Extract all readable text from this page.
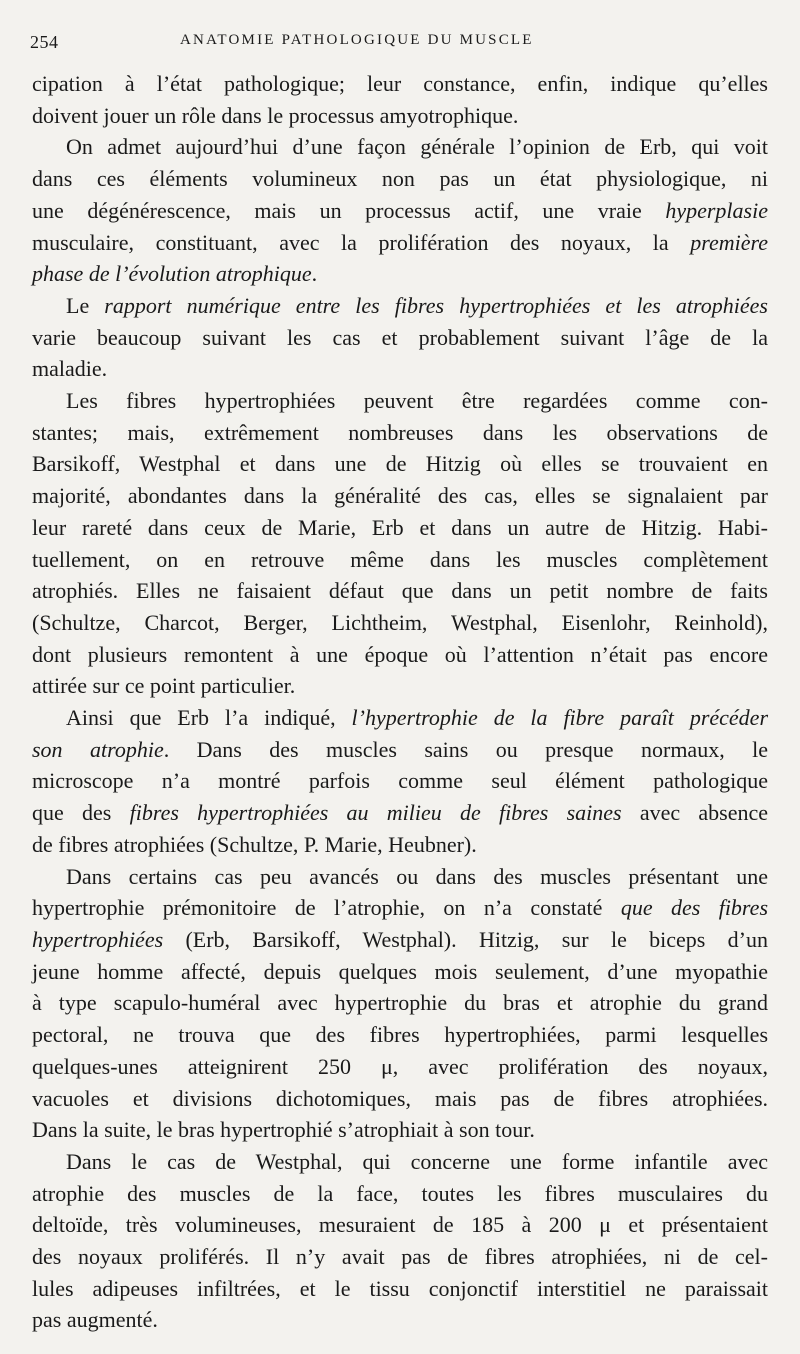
254	ANATOMIE PATHOLOGIQUE DU MUSCLE
cipation à l’état pathologique; leur constance, enfin, indique qu’elles
doivent jouer un rôle dans le processus amyotrophique.
On admet aujourd’hui d’une façon générale l’opinion de Erb, qui voit
dans ces éléments volumineux non pas un état physiologique, ni
une dégénérescence, mais un processus actif, une vraie hyperplasie
musculaire, constituant, avec la prolifération des noyaux, la première
phase de l’évolution atrophique.
Le rapport numérique entre les fibres hypertrophiées et les atrophiées
varie beaucoup suivant les cas et probablement suivant l’âge de la
maladie.
Les fibres hypertrophiées peuvent être regardées comme con-
stantes; mais, extrêmement nombreuses dans les observations de
Barsikoff, Westphal et dans une de Hitzig où elles se trouvaient en
majorité, abondantes dans la généralité des cas, elles se signalaient par
leur rareté dans ceux de Marie, Erb et dans un autre de Hitzig. Habi-
tuellement, on en retrouve même dans les muscles complètement
atrophiés. Elles ne faisaient défaut que dans un petit nombre de faits
(Schultze, Charcot, Berger, Lichtheim, Westphal, Eisenlohr, Reinhold),
dont plusieurs remontent à une époque où l’attention n’était pas encore
attirée sur ce point particulier.
Ainsi que Erb l’a indiqué, l’hypertrophie de la fibre paraît précéder
son atrophie. Dans des muscles sains ou presque normaux, le
microscope n’a montré parfois comme seul élément pathologique
que des fibres hypertrophiées au milieu de fibres saines avec absence
de fibres atrophiées (Schultze, P. Marie, Heubner).
Dans certains cas peu avancés ou dans des muscles présentant une
hypertrophie prémonitoire de l’atrophie, on n’a constaté que des fibres
hypertrophiées (Erb, Barsikoff, Westphal). Hitzig, sur le biceps d’un
jeune homme affecté, depuis quelques mois seulement, d’une myopathie
à type scapulo-huméral avec hypertrophie du bras et atrophie du grand
pectoral, ne trouva que des fibres hypertrophiées, parmi lesquelles
quelques-unes atteignirent 250 μ, avec prolifération des noyaux,
vacuoles et divisions dichotomiques, mais pas de fibres atrophiées.
Dans la suite, le bras hypertrophié s’atrophiait à son tour.
Dans le cas de Westphal, qui concerne une forme infantile avec
atrophie des muscles de la face, toutes les fibres musculaires du
deltoïde, très volumineuses, mesuraient de 185 à 200 μ et présentaient
des noyaux proliférés. Il n’y avait pas de fibres atrophiées, ni de cel-
lules adipeuses infiltrées, et le tissu conjonctif interstitiel ne paraissait
pas augmenté.
